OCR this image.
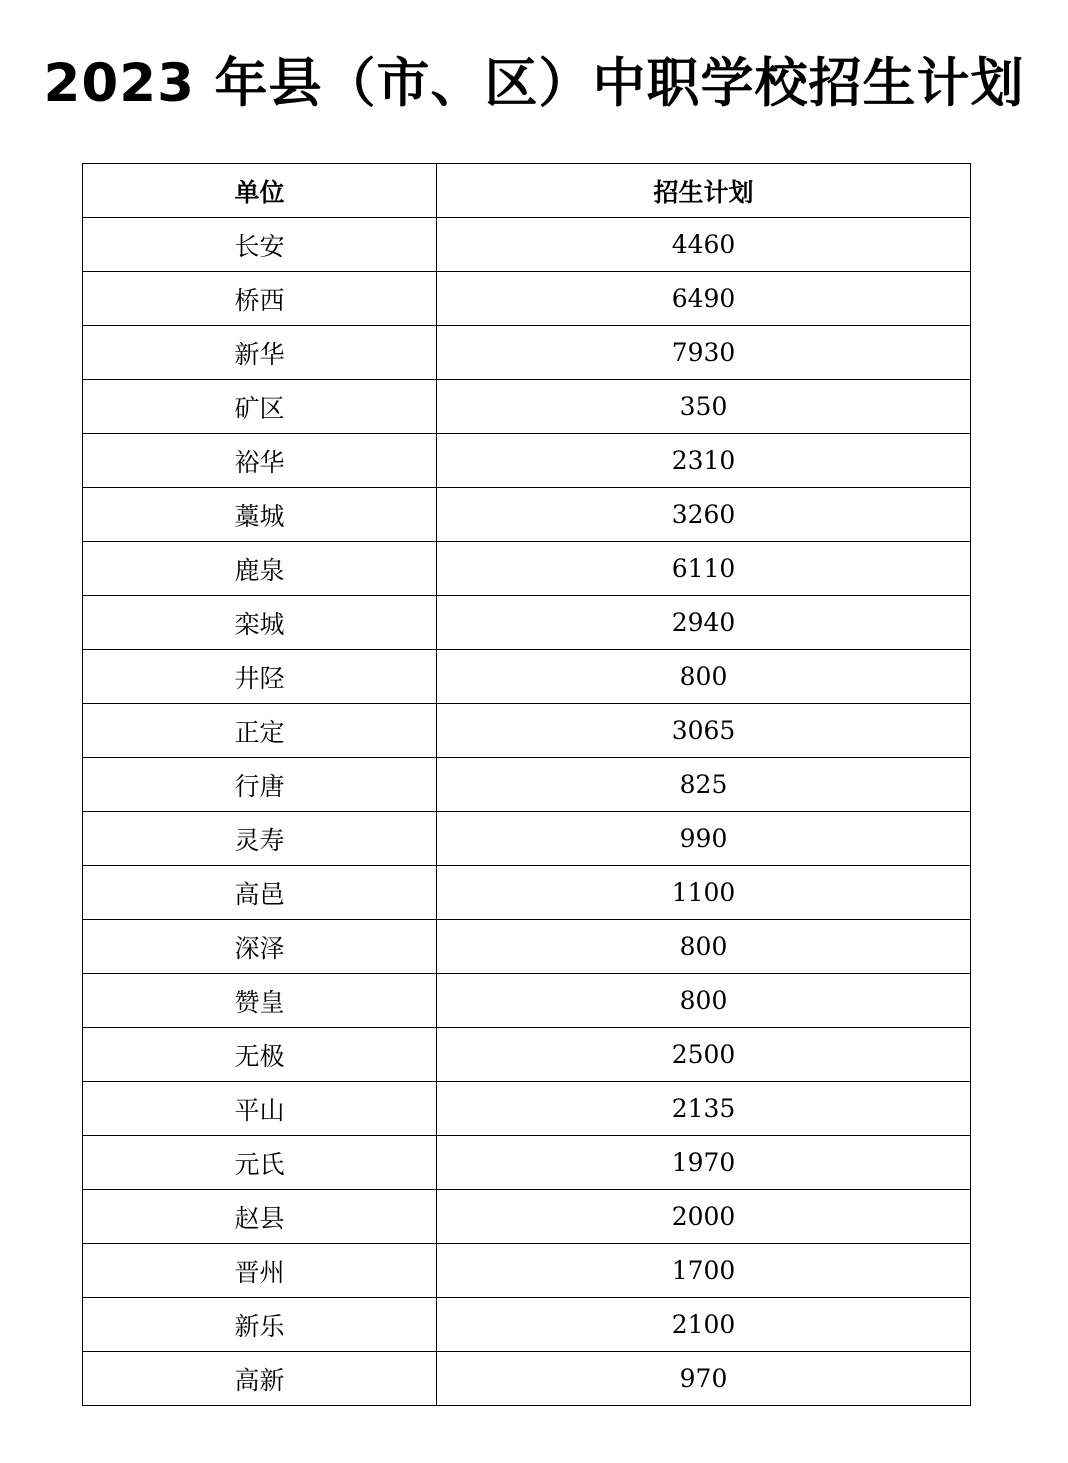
2023 年县（市、区）中职学校招生计划
单位	招生计划
长安	4460
桥西	6490
新华	7930
矿区	350
裕华	2310
藁城	3260
鹿泉	6110
栾城	2940
井陉	800
正定	3065
行唐	825
灵寿	990
高邑	1100
深泽	800
赞皇	800
无极	2500
平山	2135
元氏	1970
赵县	2000
晋州	1700
新乐	2100
高新	970
